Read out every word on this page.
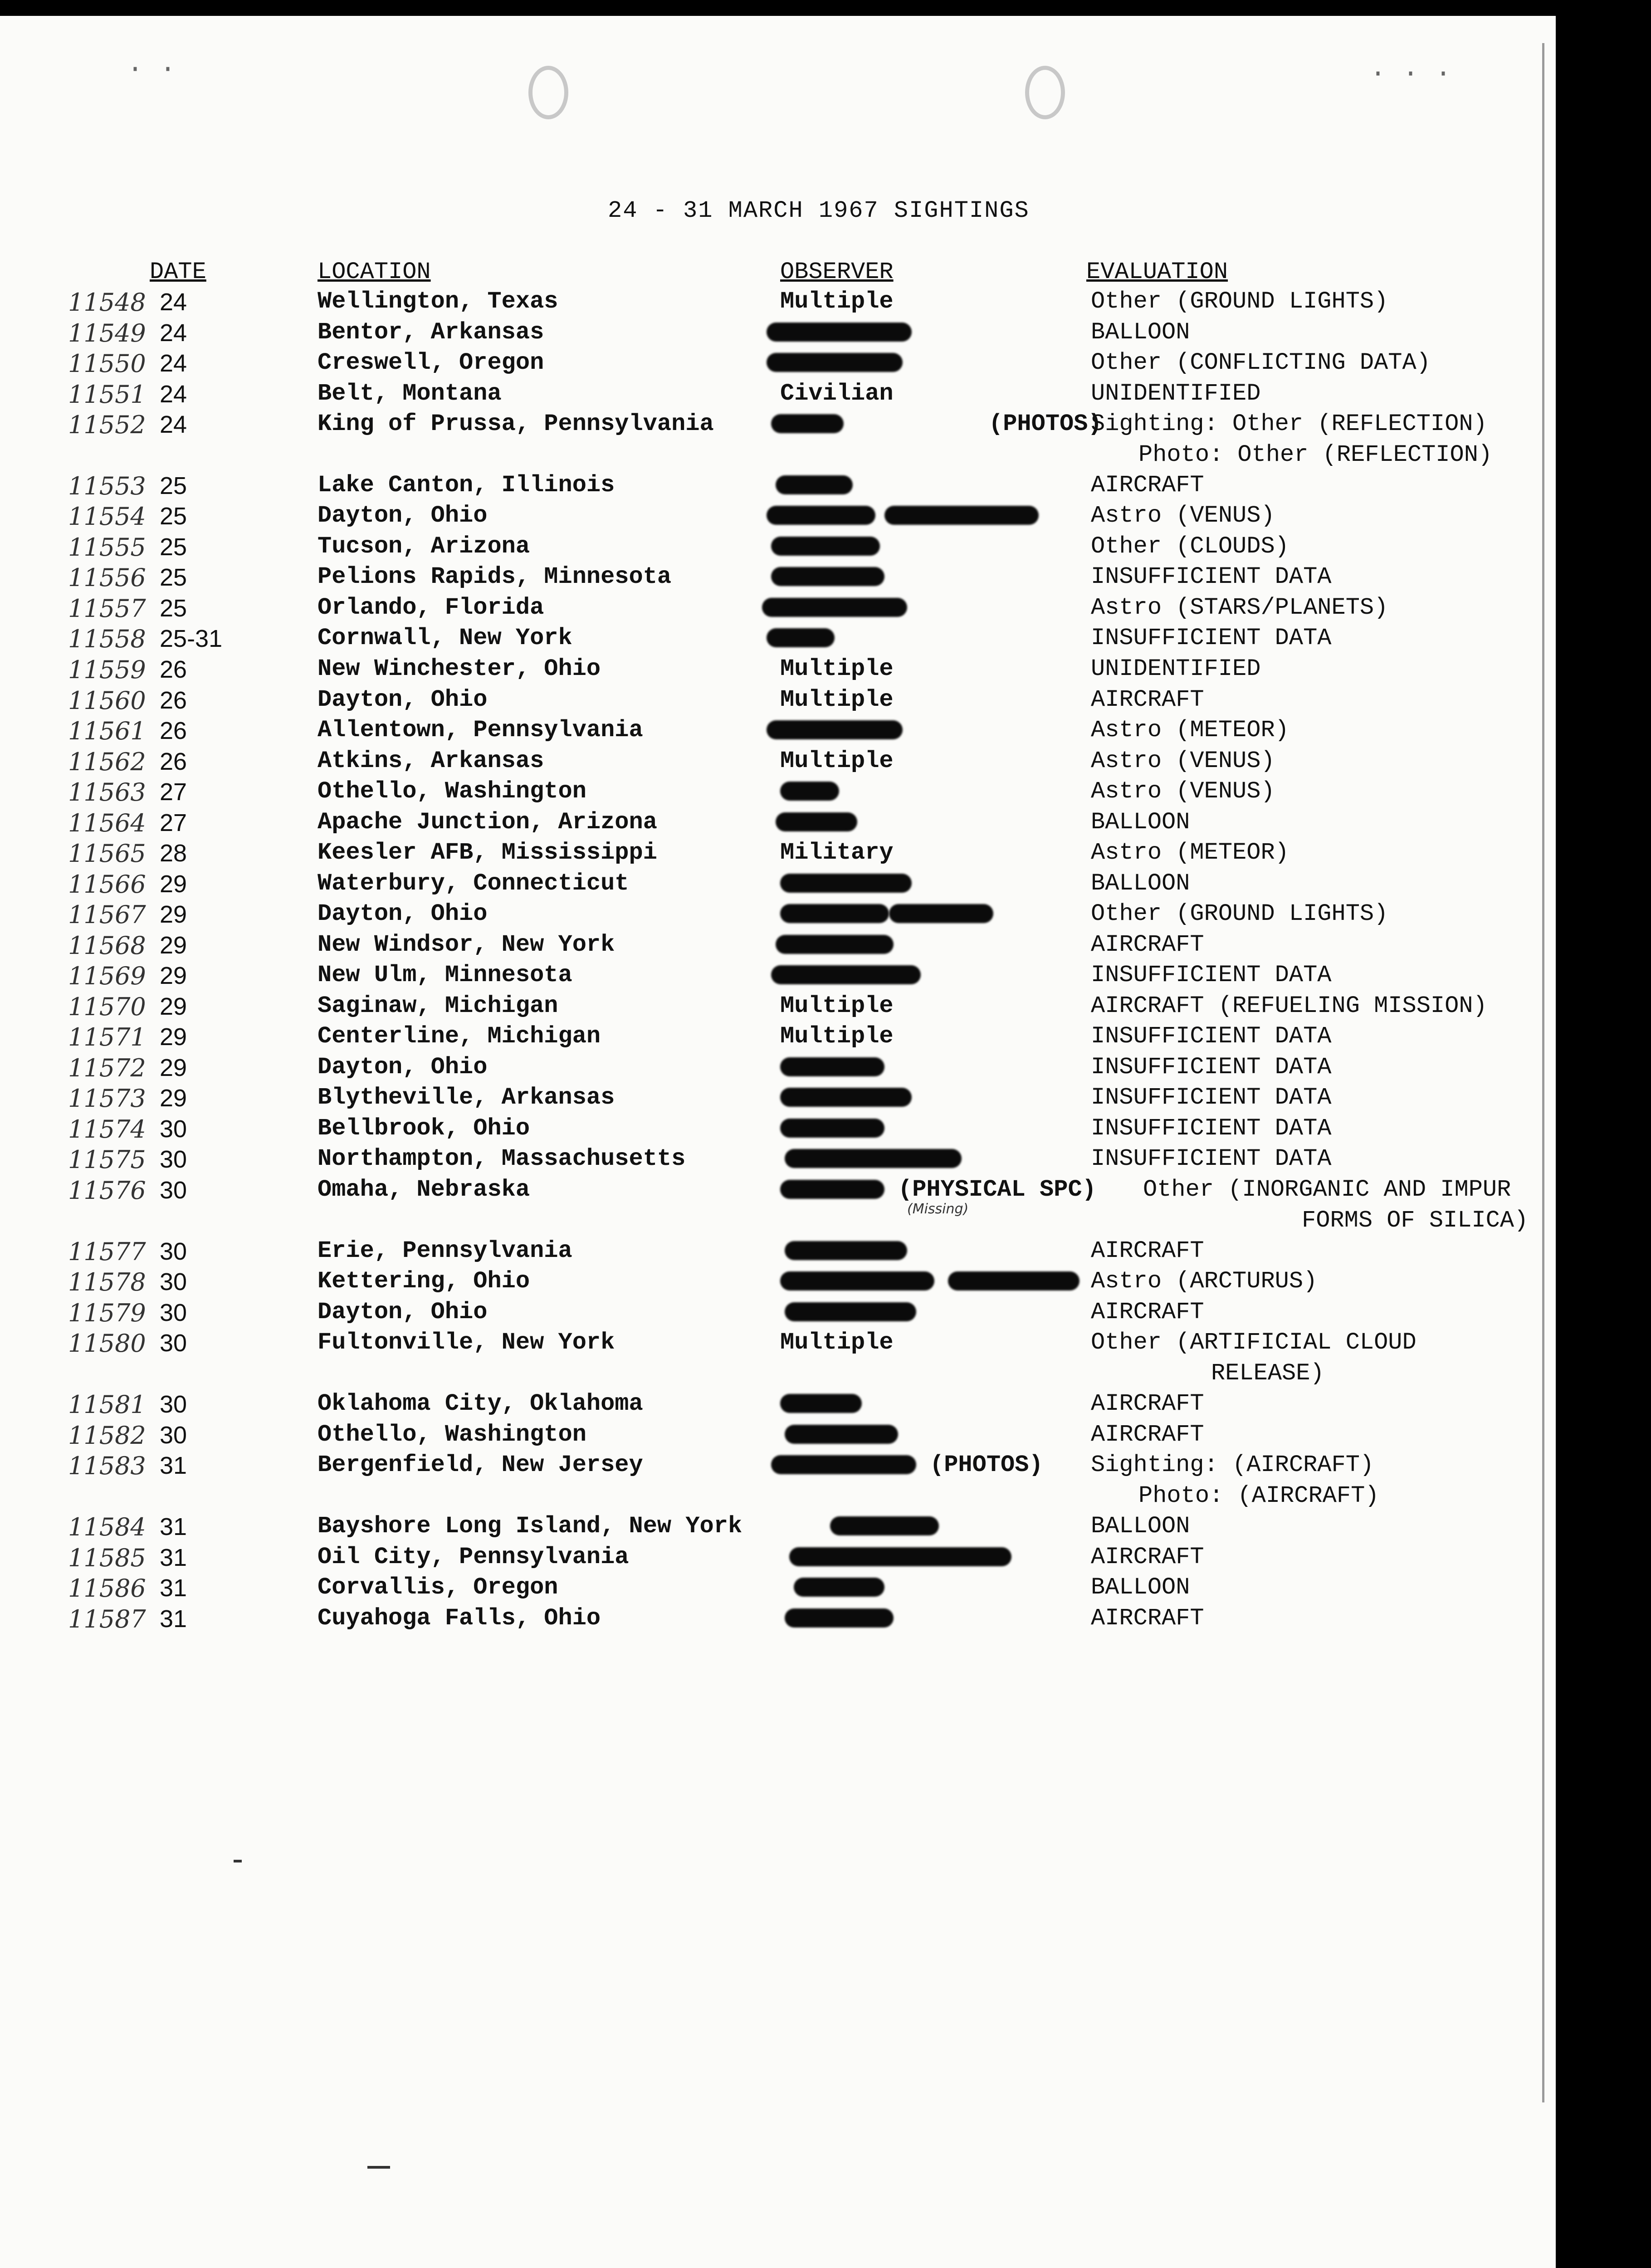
· ·	· · ·
24 - 31 MARCH 1967 SIGHTINGS
DATE	LOCATION	OBSERVER	EVALUATION
11548 24	Wellington, Texas	Multiple	Other (GROUND LIGHTS)
11549 24	Bentor, Arkansas	BALLOON
11550 24	Creswell, Oregon	Other (CONFLICTING DATA)
11551 24	Belt, Montana	Civilian	UNIDENTIFIED
11552 24	King of Prussa, Pennsylvania	(PHOTOS)
Sighting: Other (REFLECTION)
Photo: Other (REFLECTION)
11553 25	Lake Canton, Illinois	AIRCRAFT
11554 25	Dayton, Ohio	Astro (VENUS)
11555 25	Tucson, Arizona	Other (CLOUDS)
11556 25	Pelions Rapids, Minnesota	INSUFFICIENT DATA
11557 25	Orlando, Florida	Astro (STARS/PLANETS)
11558 25-31	Cornwall, New York	INSUFFICIENT DATA
11559 26	New Winchester, Ohio	Multiple	UNIDENTIFIED
11560 26	Dayton, Ohio	Multiple	AIRCRAFT
11561 26	Allentown, Pennsylvania	Astro (METEOR)
11562 26	Atkins, Arkansas	Multiple	Astro (VENUS)
11563 27	Othello, Washington	Astro (VENUS)
11564 27	Apache Junction, Arizona	BALLOON
11565 28	Keesler AFB, Mississippi	Military	Astro (METEOR)
11566 29	Waterbury, Connecticut	BALLOON
11567 29	Dayton, Ohio	Other (GROUND LIGHTS)
11568 29	New Windsor, New York	AIRCRAFT
11569 29	New Ulm, Minnesota	INSUFFICIENT DATA
11570 29	Saginaw, Michigan	Multiple	AIRCRAFT (REFUELING MISSION)
11571 29	Centerline, Michigan	Multiple	INSUFFICIENT DATA
11572 29	Dayton, Ohio	INSUFFICIENT DATA
11573 29	Blytheville, Arkansas	INSUFFICIENT DATA
11574 30	Bellbrook, Ohio	INSUFFICIENT DATA
11575 30	Northampton, Massachusetts	INSUFFICIENT DATA
11576 30	Omaha, Nebraska	(PHYSICAL SPC)
(Missing)
Other (INORGANIC AND IMPUR
FORMS OF SILICA)
11577 30	Erie, Pennsylvania	AIRCRAFT
11578 30	Kettering, Ohio	Astro (ARCTURUS)
11579 30	Dayton, Ohio	AIRCRAFT
11580 30	Fultonville, New York	Multiple	Other (ARTIFICIAL CLOUD
RELEASE)
11581 30	Oklahoma City, Oklahoma	AIRCRAFT
11582 30	Othello, Washington	AIRCRAFT
11583 31	Bergenfield, New Jersey	(PHOTOS) Sighting: (AIRCRAFT)
Photo: (AIRCRAFT)
11584 31	Bayshore Long Island, New York	BALLOON
11585 31	Oil City, Pennsylvania	AIRCRAFT
11586 31	Corvallis, Oregon	BALLOON
11587 31	Cuyahoga Falls, Ohio	AIRCRAFT
